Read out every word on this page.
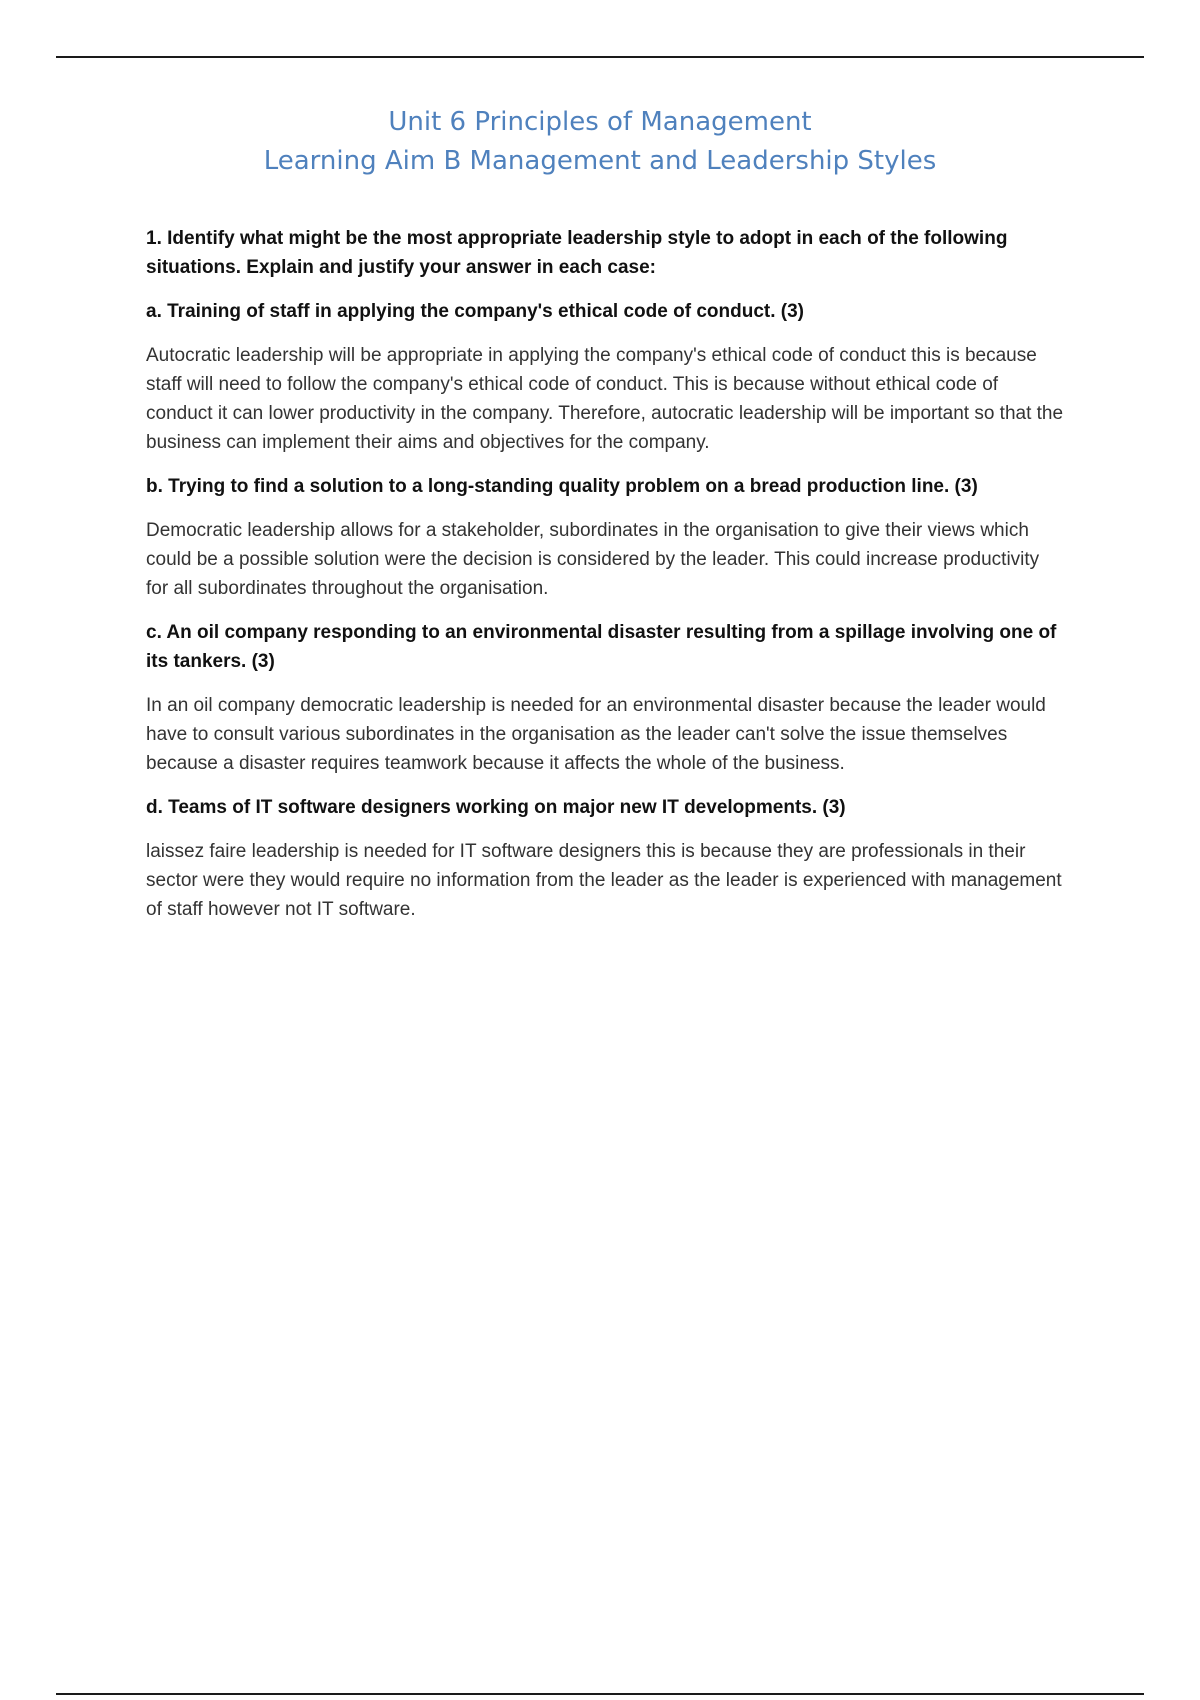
Unit 6 Principles of Management
Learning Aim B Management and Leadership Styles

1. Identify what might be the most appropriate leadership style to adopt in each of the following situations. Explain and justify your answer in each case:

a. Training of staff in applying the company's ethical code of conduct. (3)

Autocratic leadership will be appropriate in applying the company's ethical code of conduct this is because staff will need to follow the company's ethical code of conduct. This is because without ethical code of conduct it can lower productivity in the company. Therefore, autocratic leadership will be important so that the business can implement their aims and objectives for the company.

b. Trying to find a solution to a long-standing quality problem on a bread production line. (3)

Democratic leadership allows for a stakeholder, subordinates in the organisation to give their views which could be a possible solution were the decision is considered by the leader. This could increase productivity for all subordinates throughout the organisation.

c. An oil company responding to an environmental disaster resulting from a spillage involving one of its tankers. (3)

In an oil company democratic leadership is needed for an environmental disaster because the leader would have to consult various subordinates in the organisation as the leader can't solve the issue themselves because a disaster requires teamwork because it affects the whole of the business.

d. Teams of IT software designers working on major new IT developments. (3)

laissez faire leadership is needed for IT software designers this is because they are professionals in their sector were they would require no information from the leader as the leader is experienced with management of staff however not IT software.
